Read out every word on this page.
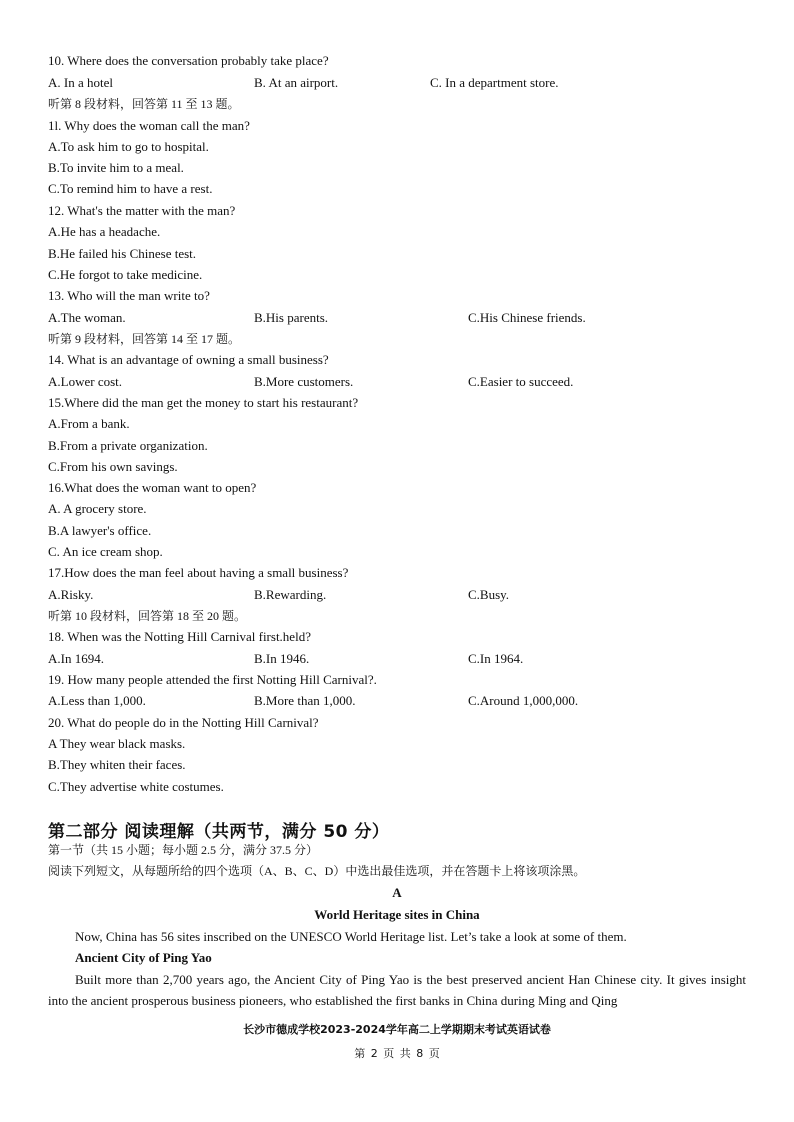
10. Where does the conversation probably take place?
A. In a hotel	B. At an airport.	C. In a department store.
听第 8 段材料，回答第 11 至 13 题。
1l. Why does the woman call the man?
A.To ask him to go to hospital.
B.To invite him to a meal.
C.To remind him to have a rest.
12. What's the matter with the man?
A.He has a headache.
B.He failed his Chinese test.
C.He forgot to take medicine.
13. Who will the man write to?
A.The woman.	B.His parents.	C.His Chinese friends.
听第 9 段材料，回答第 14 至 17 题。
14. What is an advantage of owning a small business?
A.Lower cost.	B.More customers.	C.Easier to succeed.
15.Where did the man get the money to start his restaurant?
A.From a bank.
B.From a private organization.
C.From his own savings.
16.What does the woman want to open?
A. A grocery store.
B.A lawyer's office.
C. An ice cream shop.
17.How does the man feel about having a small business?
A.Risky.	B.Rewarding.	C.Busy.
听第 10 段材料，回答第 18 至 20 题。
18. When was the Notting Hill Carnival first.held?
A.In 1694.	B.In 1946.	C.In 1964.
19. How many people attended the first Notting Hill Carnival?.
A.Less than 1,000.	B.More than 1,000.	C.Around 1,000,000.
20. What do people do in the Notting Hill Carnival?
A They wear black masks.
B.They whiten their faces.
C.They advertise white costumes.
第二部分 阅读理解（共两节，满分 50 分）
第一节（共 15 小题；每小题 2.5 分，满分 37.5 分）
阅读下列短文，从每题所给的四个选项（A、B、C、D）中选出最佳选项，并在答题卡上将该项涂黑。
A
World Heritage sites in China
Now, China has 56 sites inscribed on the UNESCO World Heritage list. Let’s take a look at some of them.
Ancient City of Ping Yao
Built more than 2,700 years ago, the Ancient City of Ping Yao is the best preserved ancient Han Chinese city. It gives insight into the ancient prosperous business pioneers, who established the first banks in China during Ming and Qing
长沙市德成学校2023-2024学年高二上学期期末考试英语试卷
第 2 页 共 8 页
